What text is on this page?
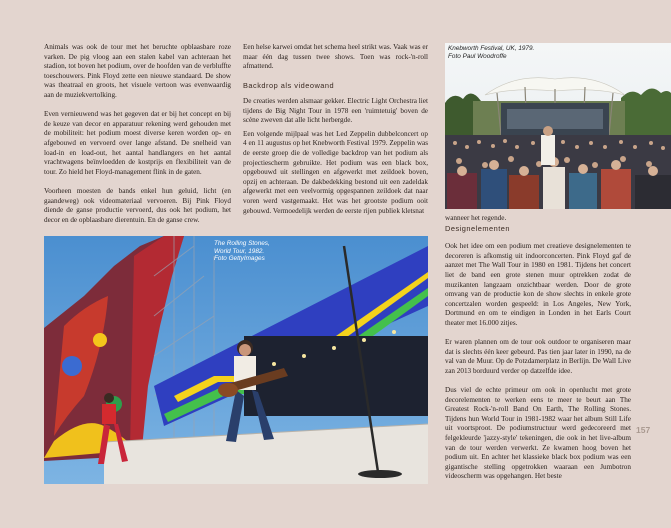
Animals was ook de tour met het beruchte opblaasbare roze varken. De pig vloog aan een stalen kabel van achteraan het stadion, tot boven het podium, over de hoofden van de verbluffte toeschouwers. Pink Floyd zette een nieuwe standaard. De show was theatraal en groots, het visuele vertoon was evenwaardig aan de muziekvertolking.

Even vernieuwend was het gegeven dat er bij het concept en bij de keuze van decor en apparatuur rekening werd gehouden met de mobiliteit: het podium moest diverse keren worden op- en afgebouwd en vervoerd over lange afstand. De snelheid van load-in en load-out, het aantal handlangers en het aantal vrachtwagens beïnvloedden de kostprijs en flexibiliteit van de tour. Zo hield het Floyd-management flink in de gaten.

Voorheen moesten de bands enkel hun geluid, licht (en gaandeweg) ook videomateriaal vervoeren. Bij Pink Floyd diende de ganse productie vervoerd, dus ook het podium, het decor en de opblaasbare dierentuin. En de ganse crew.

Een helse karwei omdat het schema heel strikt was. Vaak was er maar één dag tussen twee shows. Toen was rock-'n-roll afmattend.

Backdrop als videowand

De creaties werden alsmaar gekker. Electric Light Orchestra liet tijdens de Big Night Tour in 1978 een 'ruimtetuig' boven de scène zweven dat alle licht herbergde.

Een volgende mijlpaal was het Led Zeppelin dubbelconcert op 4 en 11 augustus op het Knebworth Festival 1979. Zeppelin was de eerste groep die de volledige backdrop van het podium als projectiescherm gebruikte. Het podium was een black box, opgebouwd uit stellingen en afgewerkt met zeildoek boven, opzij en achteraan. De dakbedekking bestond uit een zadeldak afgewerkt met een veelvormig opgespannen zeildoek dat naar voren werd vastgemaakt. Het was het grootste podium ooit gebouwd. Vermoedelijk werden de eerste rijen publiek kletsnat

Knebworth Festival, UK, 1979.
Foto Paul Woodroffe

wanneer het regende.

Designelementen

Ook het idee om een podium met creatieve designelementen te decoreren is afkomstig uit indoorconcerten. Pink Floyd gaf de aanzet met The Wall Tour in 1980 en 1981. Tijdens het concert liet de band een grote stenen muur optrekken zodat de muzikanten langzaam onzichtbaar werden. Door de grote omvang van de productie kon de show slechts in enkele grote concertzalen worden gespeeld: in Los Angeles, New York, Dortmund en om te eindigen in Londen in het Earls Court theater met 16.000 zitjes.

Er waren plannen om de tour ook outdoor te organiseren maar dat is slechts één keer gebeurd. Pas tien jaar later in 1990, na de val van de Muur. Op de Potzdamerplatz in Berlijn. De Wall Live zan 2013 borduurd verder op datzelfde idee.

Dus viel de echte primeur om ook in openlucht met grote decorelementen te werken eens te meer te beurt aan The Greatest Rock-'n-roll Band On Earth, The Rolling Stones. Tijdens hun World Tour in 1981-1982 waar het album Still Life uit voortsproot. De podiumstructuur werd gedecoreerd met felgekleurde 'jazzy-style' tekeningen, die ook in het live-album van de tour werden verwerkt. Ze kwamen hoog boven het podium uit. En achter het klassieke black box podium was een gigantische stelling opgetrokken waaraan een Jumbotron videoscherm was opgehangen. Het beste

The Rolling Stones,
World Tour, 1982.
Foto GettyImages
157
